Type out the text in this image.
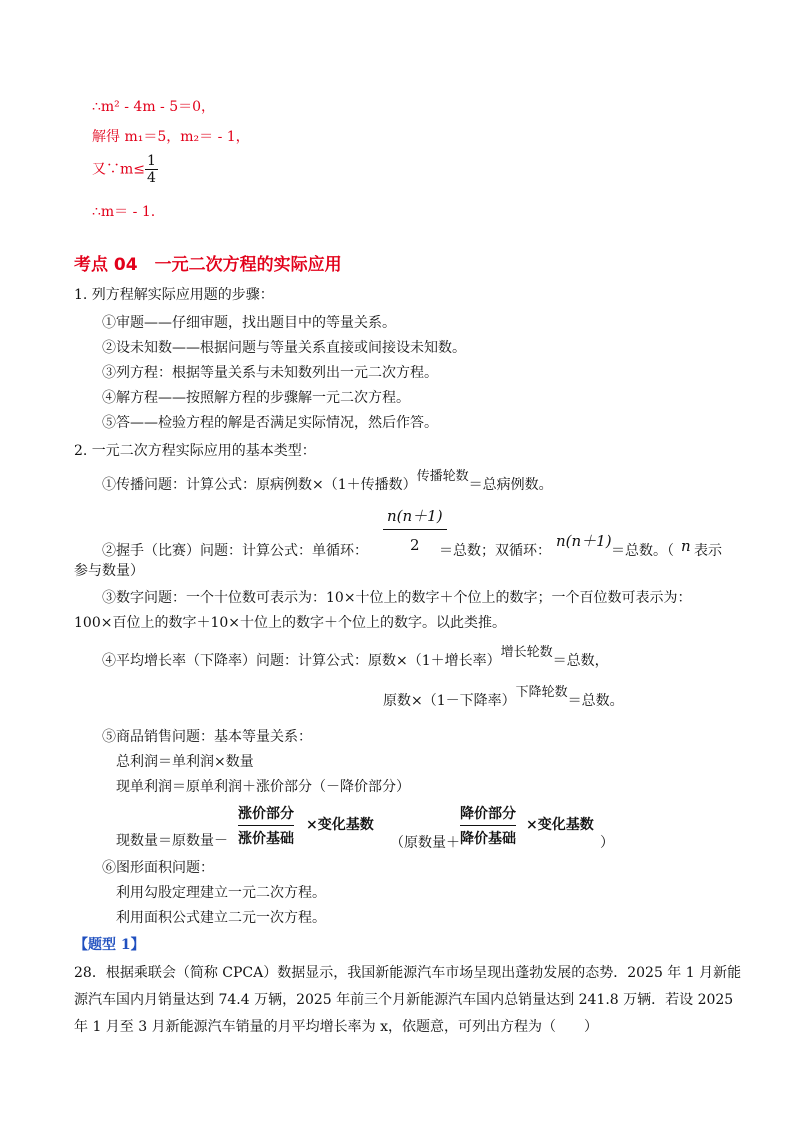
∴m² - 4m - 5＝0，
解得 m₁＝5，m₂＝ - 1，
又∵m≤ $\frac{1}{4}$
∴m＝ - 1.
考点 04　一元二次方程的实际应用
1. 列方程解实际应用题的步骤：
①审题——仔细审题，找出题目中的等量关系。
②设未知数——根据问题与等量关系直接或间接设未知数。
③列方程：根据等量关系与未知数列出一元二次方程。
④解方程——按照解方程的步骤解一元二次方程。
⑤答——检验方程的解是否满足实际情况，然后作答。
2. 一元二次方程实际应用的基本类型：
①传播问题：计算公式：原病例数×（1＋传播数）传播轮数＝总病例数。
②握手（比赛）问题：计算公式：单循环： $\frac{n(n+1)}{2}$
＝总数；双循环：
n(n＋1)
＝总数。（ n 表示
参与数量）
③数字问题：一个十位数可表示为：10×十位上的数字＋个位上的数字；一个百位数可表示为：
100×百位上的数字＋10×十位上的数字＋个位上的数字。以此类推。
④平均增长率（下降率）问题：计算公式：原数×（1＋增长率）增长轮数＝总数，
原数×（1－下降率）下降轮数＝总数。
⑤商品销售问题：基本等量关系：
总利润＝单利润×数量
现单利润＝原单利润＋涨价部分（－降价部分）
现数量＝原数量－
涨价部分
涨价基础
×变化基数
（原数量＋
降价部分
降价基础
×变化基数
）
⑥图形面积问题：
利用勾股定理建立一元二次方程。
利用面积公式建立二元一次方程。
【题型 1】
28．根据乘联会（简称 CPCA）数据显示，我国新能源汽车市场呈现出蓬勃发展的态势．2025 年 1 月新能
源汽车国内月销量达到 74.4 万辆，2025 年前三个月新能源汽车国内总销量达到 241.8 万辆．若设 2025
年 1 月至 3 月新能源汽车销量的月平均增长率为 x，依题意，可列出方程为（　　）
